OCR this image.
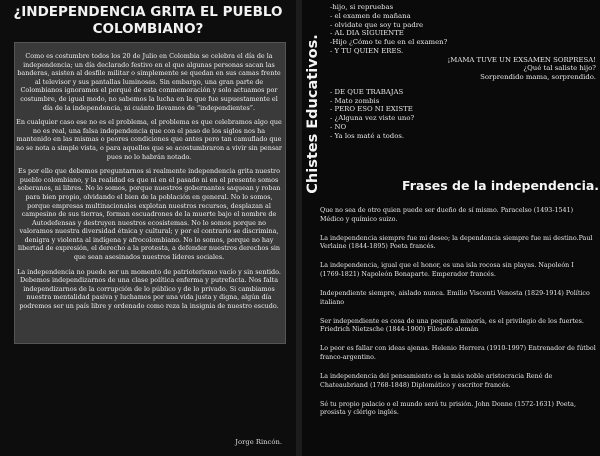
¿INDEPENDENCIA GRITA EL PUEBLO COLOMBIANO?

Como es costumbre todos los 20 de Julio en Colombia se celebra el día de la independencia; un día declarado festivo en el que algunas personas sacan las banderas, asisten al desfile militar o simplemente se quedan en sus camas frente al televisor y sus pantallas luminosas. Sin embargo, una gran parte de Colombianos ignoramos el porqué de esta conmemoración y solo actuamos por costumbre, de igual modo, no sabemos la lucha en la que fue supuestamente el día de la independencia, ni cuánto llevamos de “independientes”.

En cualquier caso ese no es el problema, el problema es que celebramos algo que no es real, una falsa independencia que con el paso de los siglos nos ha mantenido en las mismas o peores condiciones que antes pero tan camuflado que no se nota a simple vista, o para aquellos que se acostumbraron a vivir sin pensar pues no lo habrán notado.

Es por ello que debemos preguntarnos si realmente independencia grita nuestro pueblo colombiano, y la realidad es que ni en el pasado ni en el presente somos soberanos, ni libres. No lo somos, porque nuestros gobernantes saquean y roban para bien propio, olvidando el bien de la población en general. No lo somos, porque empresas multinacionales explotan nuestros recursos, desplazan al campesino de sus tierras, forman escuadrones de la muerte bajo el nombre de Autodefensas y destruyen nuestros ecosistemas. No lo somos porque no valoramos nuestra diversidad étnica y cultural; y por el contrario se discrimina, denigra y violenta al indígena y afrocolombiano. No lo somos, porque no hay libertad de expresión, el derecho a la protesta, a defender nuestros derechos sin que sean asesinados nuestros líderes sociales.

La independencia no puede ser un momento de patrioterismo vacío y sin sentido. Debemos independizarnos de una clase política enferma y putrefacta. Nos falta independizarnos de la corrupción de lo público y de lo privado. Si cambiamos nuestra mentalidad pasiva y luchamos por una vida justa y digna, algún día podremos ser un país libre y ordenado como reza la insignia de nuestro escudo.

Jorge Rincón.
Chistes Educativos.
-hijo, si repruebas
- el examen de mañana
- olvidate que soy tu padre
- AL DIA SIGUIENTE
-Hijo ¿Cómo te fue en el examen?
- Y TU QUIEN ERES.
¡MAMA TUVE UN EXSAMEN SORPRESA!
¿Qué tal saliste hijo?
Sorprendido mama, sorprendido.
- DE QUE TRABAJAS
- Mato zombis
- PERO ESO NI EXISTE
- ¿Alguna vez viste uno?
- NO
- Ya los maté a todos.
Frases de la independencia.

Que no sea de otro quien puede ser dueño de sí mismo. Paracelso (1493-1541) Médico y químico suizo.

La independencia siempre fue mi deseo; la dependencia siempre fue mi destino.Paul Verlaine (1844-1895) Poeta francés.

La independencia, igual que el honor, es una isla rocosa sin playas. Napoleón I (1769-1821) Napoleón Bonaparte. Emperador francés.

Independiente siempre, aislado nunca. Emilio Visconti Venosta (1829-1914) Político italiano

Ser independiente es cosa de una pequeña minoría, es el privilegio de los fuertes. Friedrich Nietzsche (1844-1900) Filosofo alemán

Lo peor es fallar con ideas ajenas. Helenio Herrera (1910-1997) Entrenador de fútbol franco-argentino.

La independencia del pensamiento es la más noble aristocracia René de Chateaubriand (1768-1848) Diplomático y escritor francés.

Sé tu propio palacio o el mundo será tu prisión. John Donne (1572-1631) Poeta, prosista y clérigo inglés.
